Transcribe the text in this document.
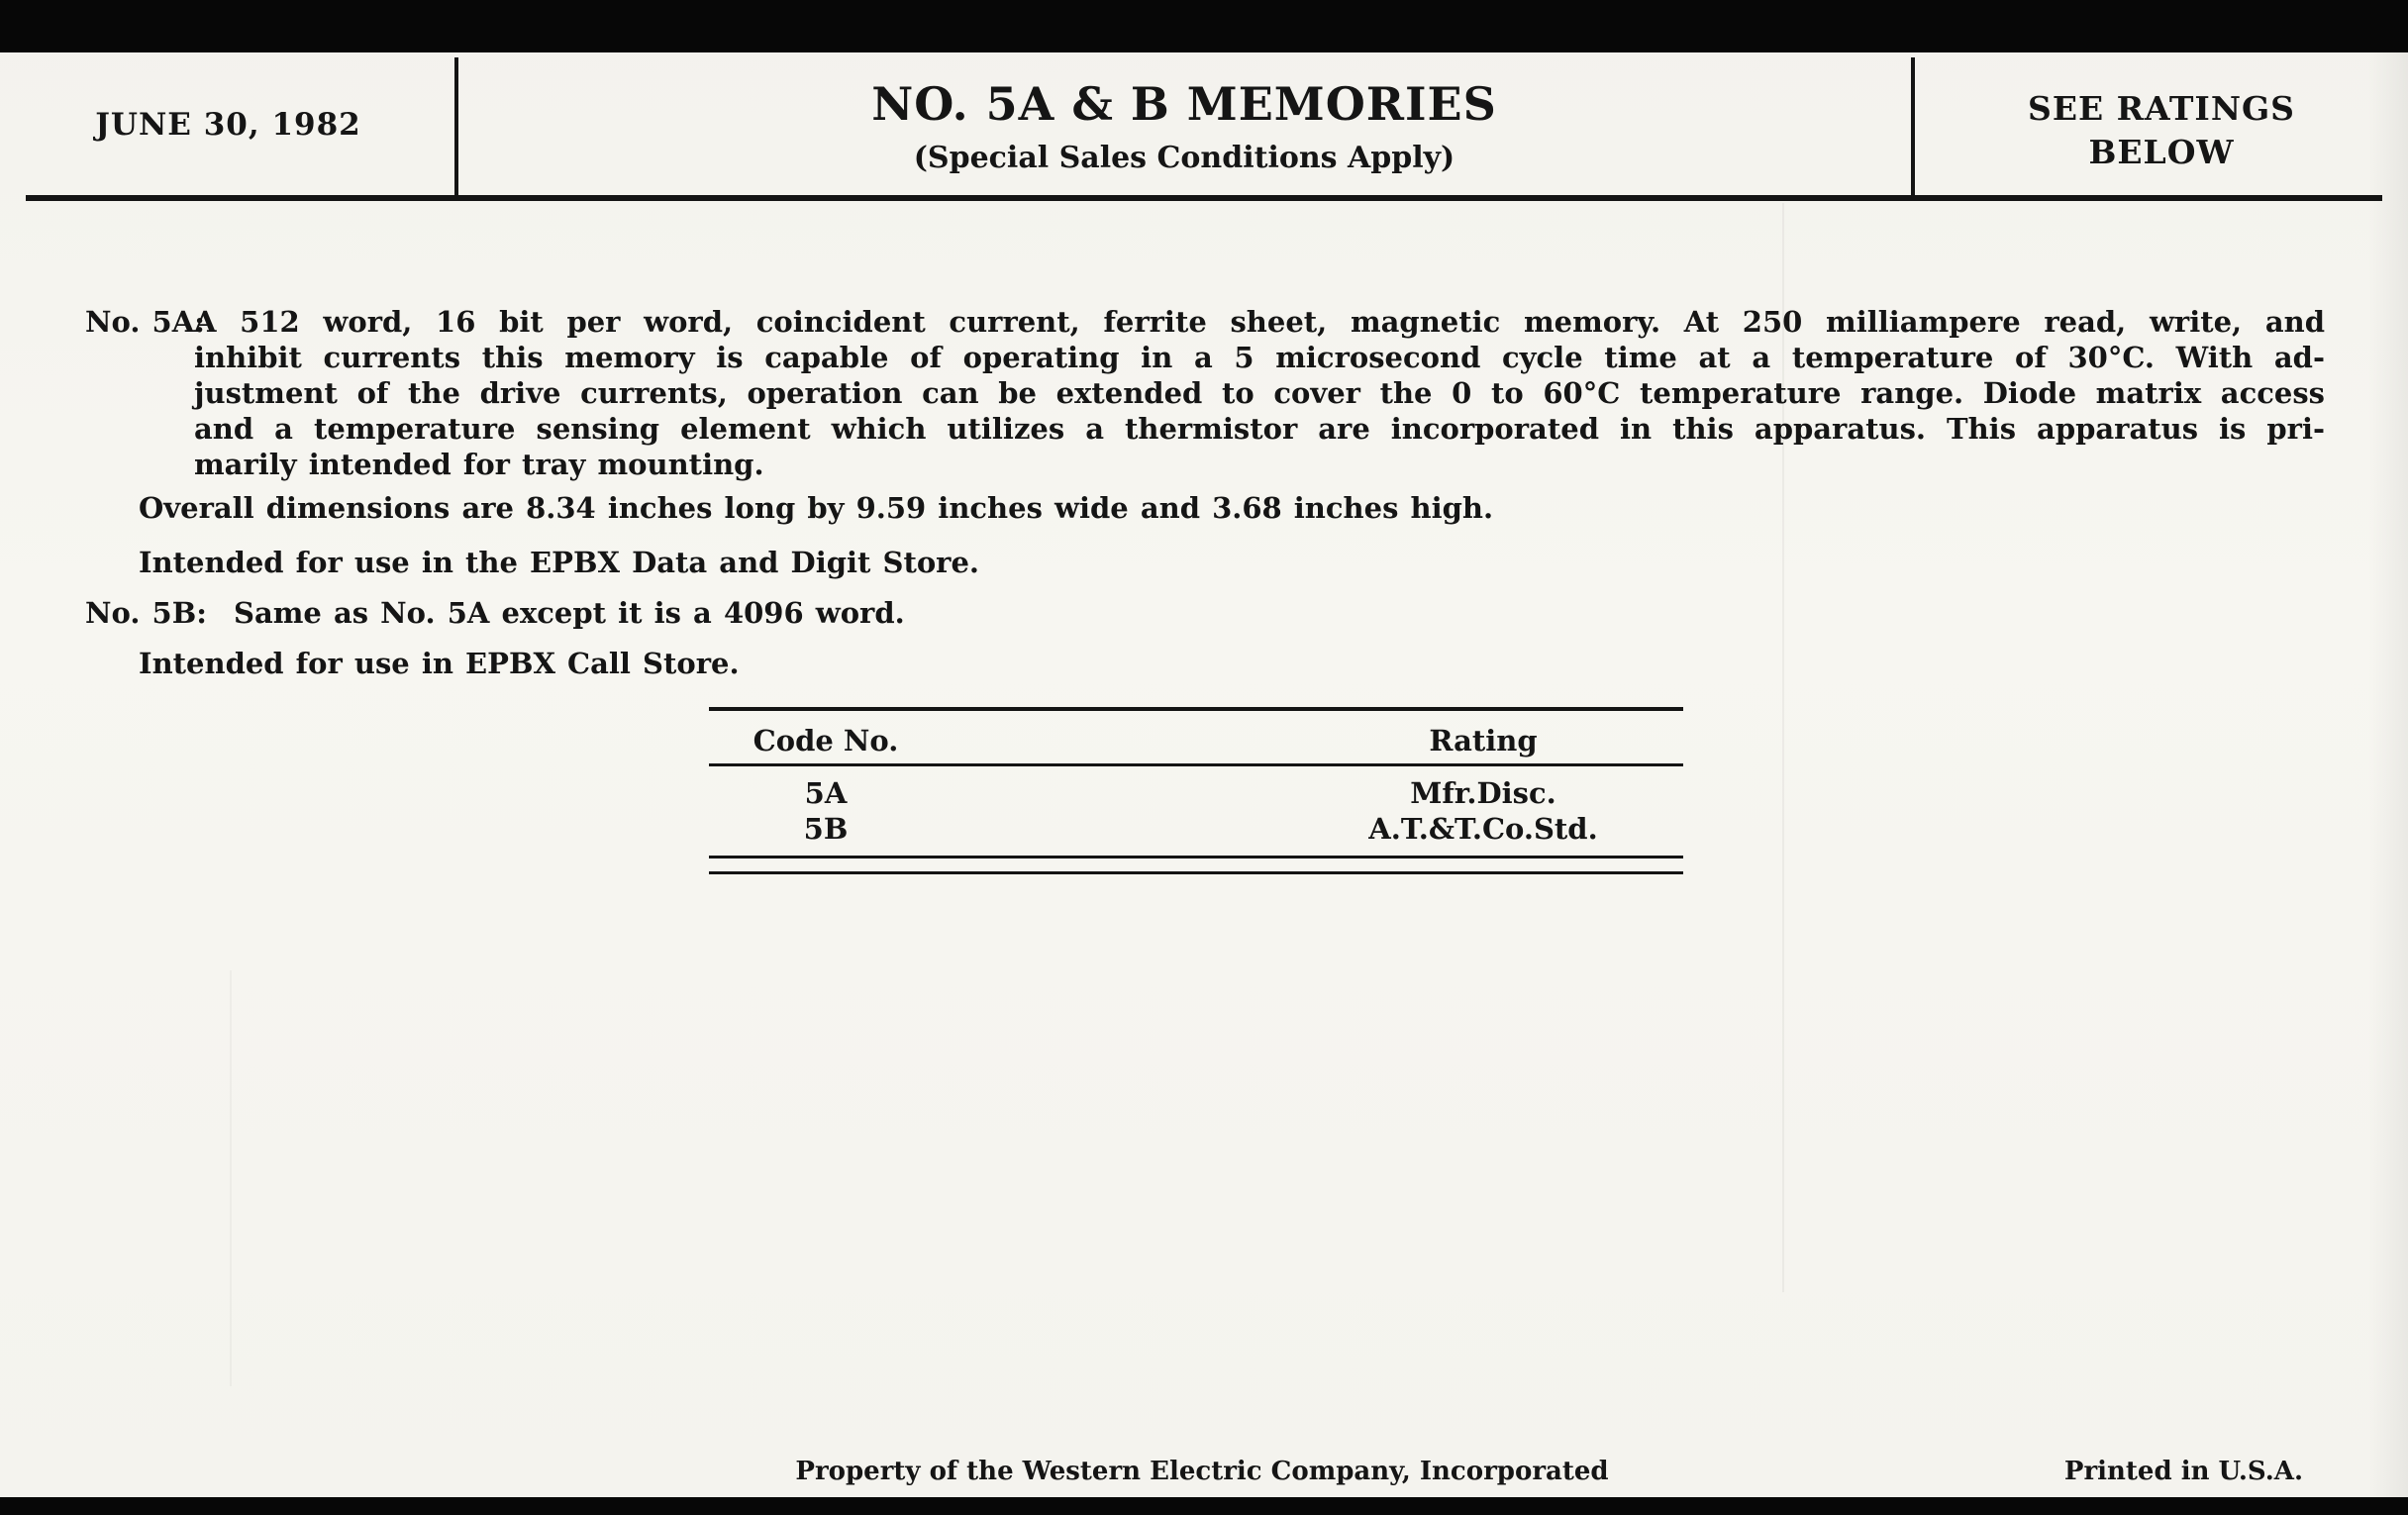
JUNE 30, 1982	NO. 5A & B MEMORIES
(Special Sales Conditions Apply)
SEE RATINGS
BELOW
No. 5A:
A 512 word, 16 bit per word, coincident current, ferrite sheet, magnetic memory. At 250 milliampere read, write, and
inhibit currents this memory is capable of operating in a 5 microsecond cycle time at a temperature of 30°C. With ad-
justment of the drive currents, operation can be extended to cover the 0 to 60°C temperature range. Diode matrix access
and a temperature sensing element which utilizes a thermistor are incorporated in this apparatus. This apparatus is pri-
marily intended for tray mounting.
Overall dimensions are 8.34 inches long by 9.59 inches wide and 3.68 inches high.
Intended for use in the EPBX Data and Digit Store.
No. 5B: Same as No. 5A except it is a 4096 word.
Intended for use in EPBX Call Store.
Code No.	Rating
5A	Mfr.Disc.
5B	A.T.&T.Co.Std.
Property of the Western Electric Company, Incorporated	Printed in U.S.A.
